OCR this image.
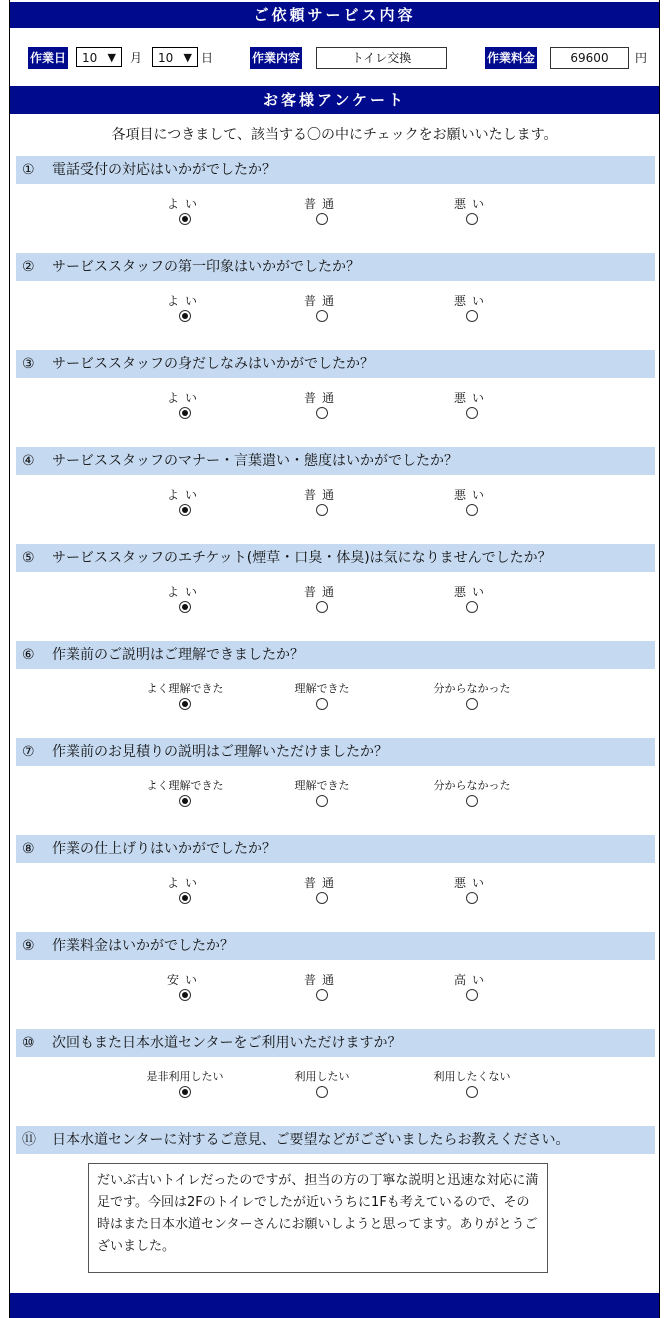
ご依頼サービス内容
作業日	10 ▼ 月	10 ▼ 日	作業内容	トイレ交換	作業料金	69600	円
お客様アンケート
各項目につきまして、該当する〇の中にチェックをお願いいたします。
① 電話受付の対応はいかがでしたか？
よい	普通	悪い
② サービススタッフの第一印象はいかがでしたか？
よい	普通	悪い
③ サービススタッフの身だしなみはいかがでしたか？
よい	普通	悪い
④ サービススタッフのマナー・言葉遣い・態度はいかがでしたか？
よい	普通	悪い
⑤ サービススタッフのエチケット(煙草・口臭・体臭)は気になりませんでしたか？
よい	普通	悪い
⑥ 作業前のご説明はご理解できましたか？
よく理解できた	理解できた	分からなかった
⑦ 作業前のお見積りの説明はご理解いただけましたか？
よく理解できた	理解できた	分からなかった
⑧ 作業の仕上げりはいかがでしたか？
よい	普通	悪い
⑨ 作業料金はいかがでしたか？
安い	普通	高い
⑩ 次回もまた日本水道センターをご利用いただけますか？
是非利用したい	利用したい	利用したくない
⑪ 日本水道センターに対するご意見、ご要望などがございましたらお教えください。
だいぶ古いトイレだったのですが、担当の方の丁寧な説明と迅速な対応に満足です。今回は2Fのトイレでしたが近いうちに1Fも考えているので、その時はまた日本水道センターさんにお願いしようと思ってます。ありがとうございました。
